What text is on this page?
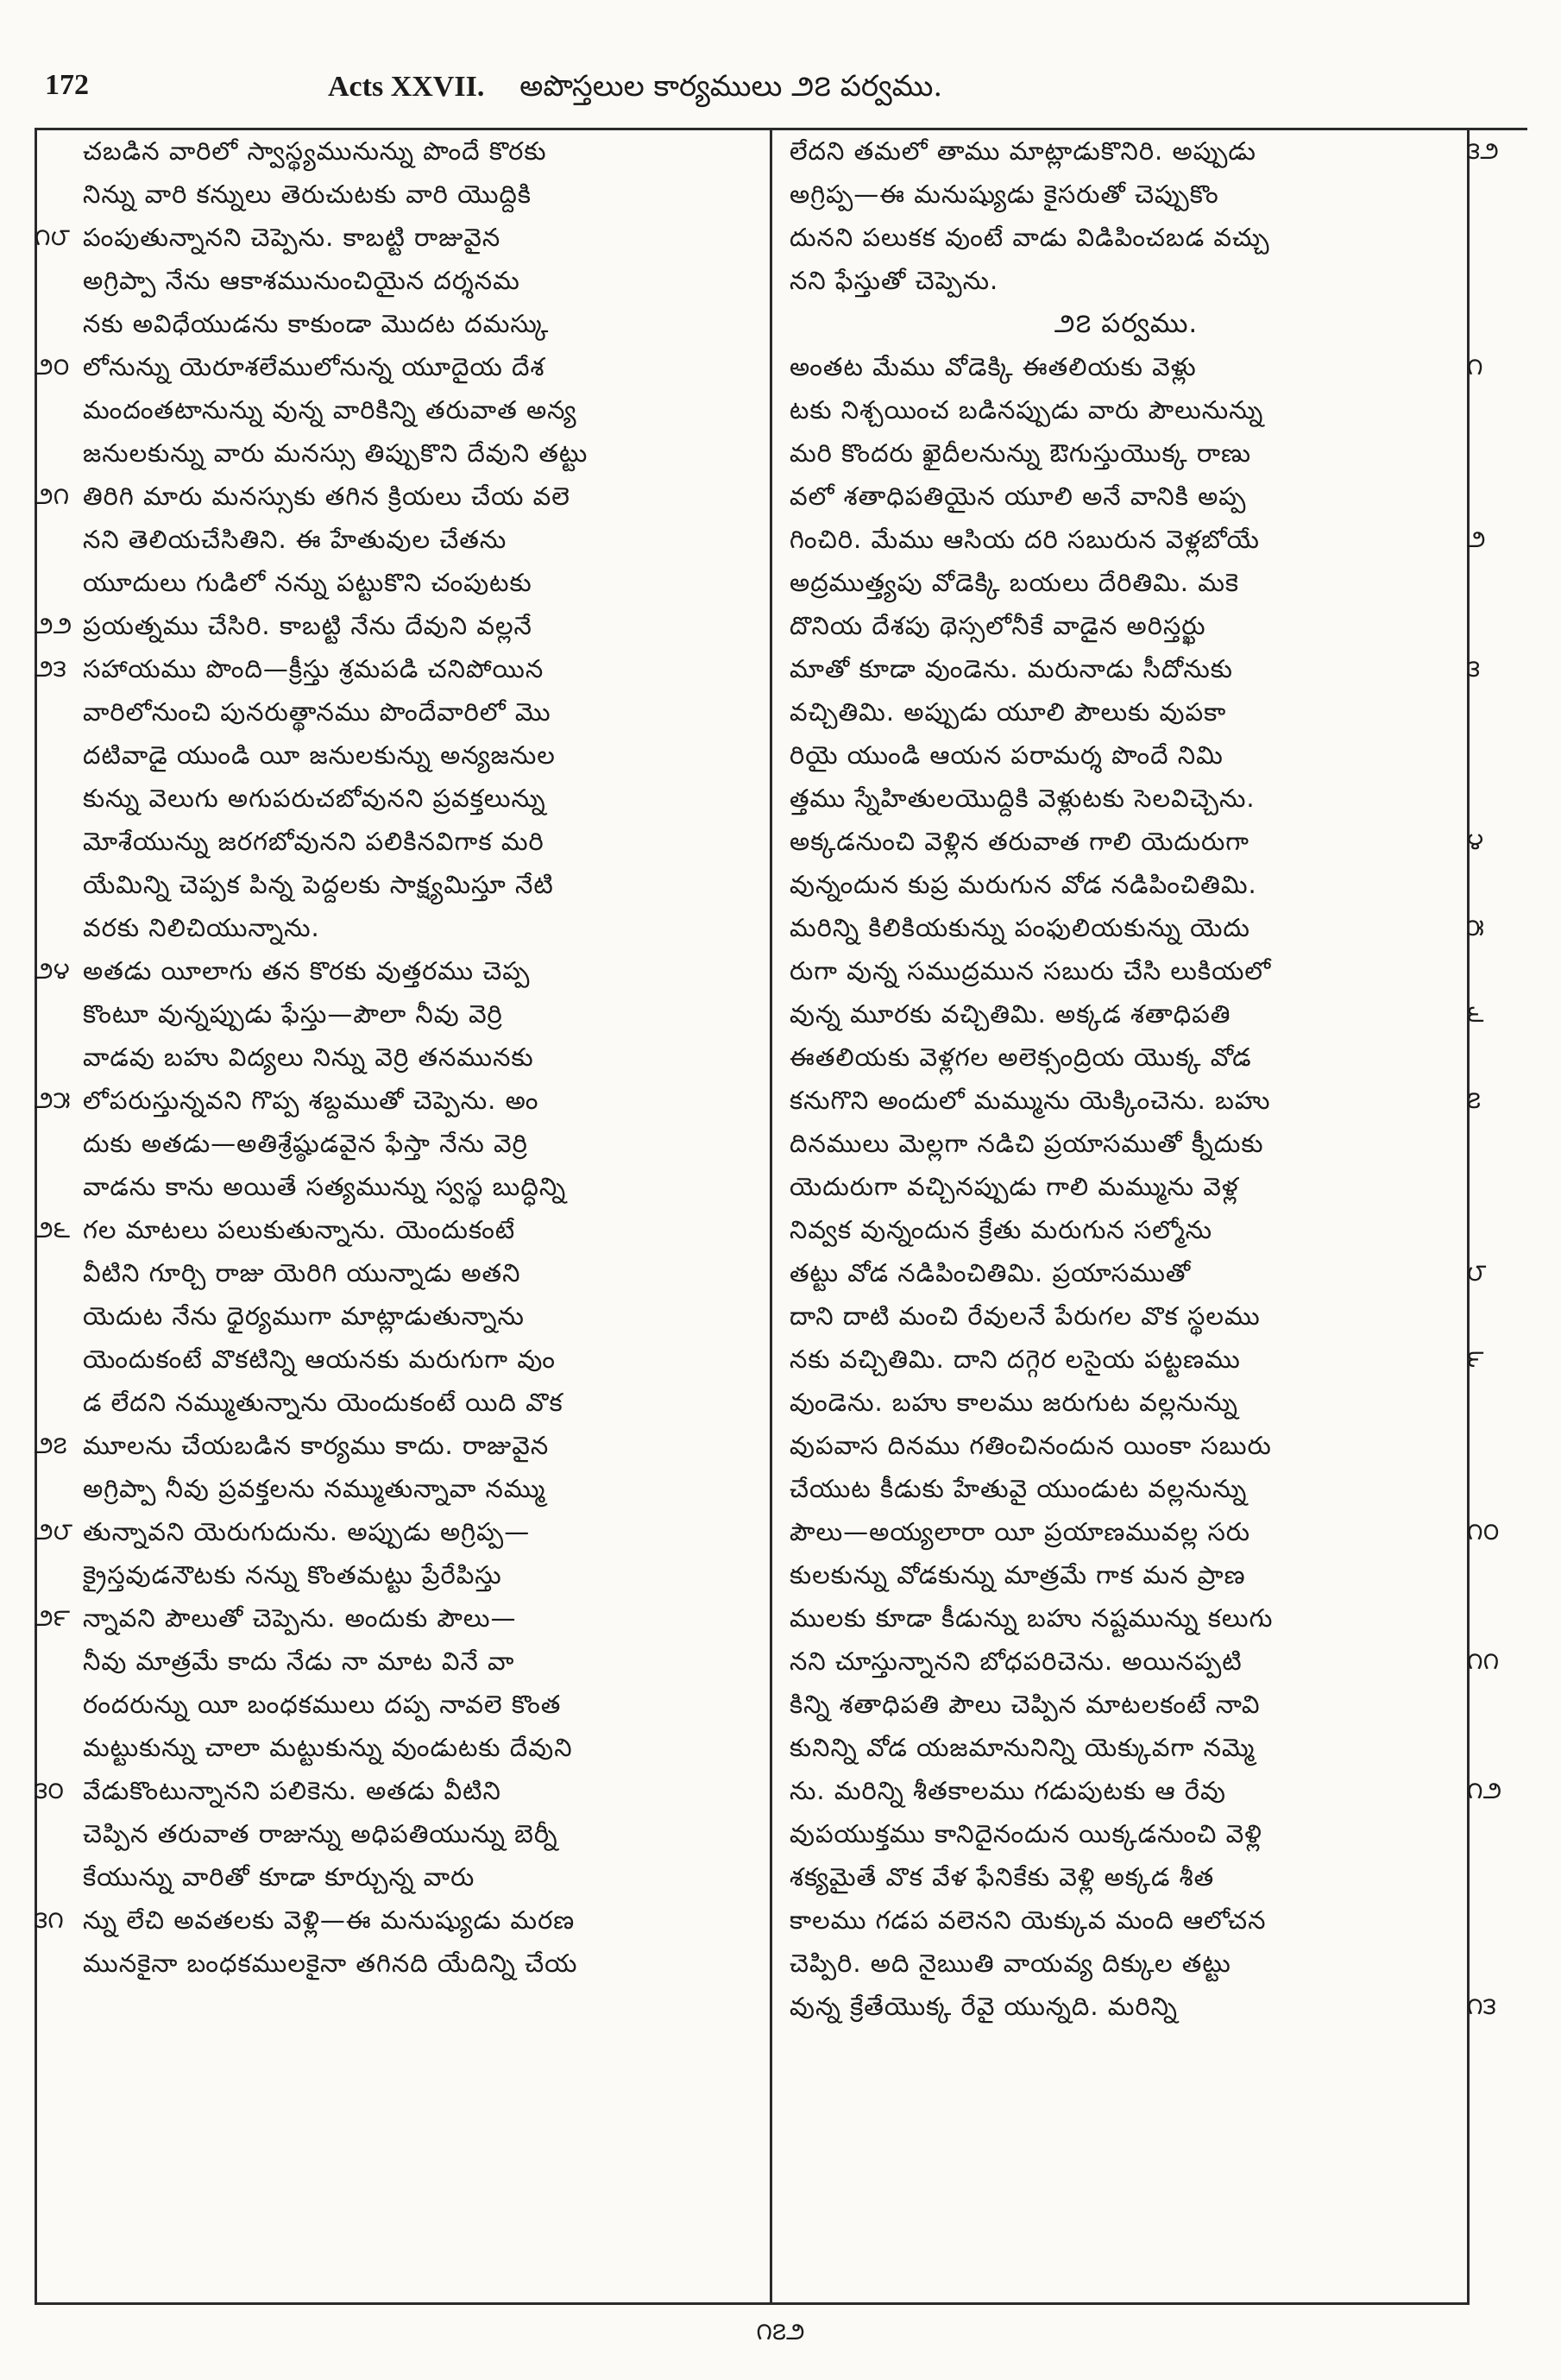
172	Acts XXVII. అపొస్తలుల కార్యములు ౨౭ పర్వము.
చబడిన వారిలో స్వాస్థ్యమునున్ను పొందే కొరకు
నిన్ను వారి కన్నులు తెరుచుటకు వారి యొద్దికి
పంపుతున్నానని చెప్పెను. కాబట్టి రాజువైన
అగ్రిప్పా నేను ఆకాశమునుంచియైన దర్శనమ
నకు అవిధేయుడను కాకుండా మొదట దమస్కు
లోనున్ను యెరూశలేములోనున్న యూదైయ దేశ
మందంతటానున్ను వున్న వారికిన్ని తరువాత అన్య
జనులకున్ను వారు మనస్సు తిప్పుకొని దేవుని తట్టు
తిరిగి మారు మనస్సుకు తగిన క్రియలు చేయ వలె
నని తెలియచేసితిని. ఈ హేతువుల చేతను
యూదులు గుడిలో నన్ను పట్టుకొని చంపుటకు
ప్రయత్నము చేసిరి. కాబట్టి నేను దేవుని వల్లనే
సహాయము పొంది—క్రీస్తు శ్రమపడి చనిపోయిన
వారిలోనుంచి పునరుత్థానము పొందేవారిలో మొ
దటివాడై యుండి యీ జనులకున్ను అన్యజనుల
కున్ను వెలుగు అగుపరుచబోవునని ప్రవక్తలున్ను
మోశేయున్ను జరగబోవునని పలికినవిగాక మరి
యేమిన్ని చెప్పక పిన్న పెద్దలకు సాక్ష్యమిస్తూ నేటి
వరకు నిలిచియున్నాను.
అతడు యీలాగు తన కొరకు వుత్తరము చెప్ప
కొంటూ వున్నప్పుడు ఫేస్తు—పౌలా నీవు వెర్రి
వాడవు బహు విద్యలు నిన్ను వెర్రి తనమునకు
లోపరుస్తున్నవని గొప్ప శబ్దముతో చెప్పెను. అం
దుకు అతడు—అతిశ్రేష్ఠుడవైన ఫేస్తా నేను వెర్రి
వాడను కాను అయితే సత్యమున్ను స్వస్థ బుద్ధిన్ని
గల మాటలు పలుకుతున్నాను. యెందుకంటే
వీటిని గూర్చి రాజు యెరిగి యున్నాడు అతని
యెదుట నేను ధైర్యముగా మాట్లాడుతున్నాను
యెందుకంటే వొకటిన్ని ఆయనకు మరుగుగా వుం
డ లేదని నమ్ముతున్నాను యెందుకంటే యిది వొక
మూలను చేయబడిన కార్యము కాదు. రాజువైన
అగ్రిప్పా నీవు ప్రవక్తలను నమ్ముతున్నావా నమ్ము
తున్నావని యెరుగుదును. అప్పుడు అగ్రిప్ప—
క్రైస్తవుడనౌటకు నన్ను కొంతమట్టు ప్రేరేపిస్తు
న్నావని పౌలుతో చెప్పెను. అందుకు పౌలు—
నీవు మాత్రమే కాదు నేడు నా మాట వినే వా
రందరున్ను యీ బంధకములు దప్ప నావలె కొంత
మట్టుకున్ను చాలా మట్టుకున్ను వుండుటకు దేవుని
వేడుకొంటున్నానని పలికెను. అతడు వీటిని
చెప్పిన తరువాత రాజున్ను అధిపతియున్ను బెర్నీ
కేయున్ను వారితో కూడా కూర్చున్న వారు
న్ను లేచి అవతలకు వెళ్లి—ఈ మనుష్యుడు మరణ
మునకైనా బంధకములకైనా తగినది యేదిన్ని చేయ
లేదని తమలో తాము మాట్లాడుకొనిరి. అప్పుడు
అగ్రిప్ప—ఈ మనుష్యుడు కైసరుతో చెప్పుకొం
దునని పలుకక వుంటే వాడు విడిపించబడ వచ్చు
నని ఫేస్తుతో చెప్పెను.
౨౭ పర్వము.
అంతట మేము వోడెక్కి ఈతలియకు వెళ్లు
టకు నిశ్చయించ బడినప్పుడు వారు పౌలునున్ను
మరి కొందరు ఖైదీలనున్ను ఔగుస్తుయొక్క రాణు
వలో శతాధిపతియైన యూలి అనే వానికి అప్ప
గించిరి. మేము ఆసియ దరి సబురున వెళ్లబోయే
అద్రముత్త్యపు వోడెక్కి బయలు దేరితిమి. మకె
దొనియ దేశపు థెస్సలోనీకే వాడైన అరిస్తర్ఖు
మాతో కూడా వుండెను. మరునాడు సీదోనుకు
వచ్చితిమి. అప్పుడు యూలి పౌలుకు వుపకా
రియై యుండి ఆయన పరామర్శ పొందే నిమి
త్తము స్నేహితులయొద్దికి వెళ్లుటకు సెలవిచ్చెను.
అక్కడనుంచి వెళ్లిన తరువాత గాలి యెదురుగా
వున్నందున కుప్ర మరుగున వోడ నడిపించితిమి.
మరిన్ని కిలికియకున్ను పంఫులియకున్ను యెదు
రుగా వున్న సముద్రమున సబురు చేసి లుకియలో
వున్న మూరకు వచ్చితిమి. అక్కడ శతాధిపతి
ఈతలియకు వెళ్లగల అలెక్సంద్రియ యొక్క వోడ
కనుగొని అందులో మమ్మును యెక్కించెను. బహు
దినములు మెల్లగా నడిచి ప్రయాసముతో క్నీదుకు
యెదురుగా వచ్చినప్పుడు గాలి మమ్మును వెళ్ల
నివ్వక వున్నందున క్రేతు మరుగున సల్మోను
తట్టు వోడ నడిపించితిమి. ప్రయాసముతో
దాని దాటి మంచి రేవులనే పేరుగల వొక స్థలము
నకు వచ్చితిమి. దాని దగ్గెర లసైయ పట్టణము
వుండెను. బహు కాలము జరుగుట వల్లనున్ను
వుపవాస దినము గతించినందున యింకా సబురు
చేయుట కీడుకు హేతువై యుండుట వల్లనున్ను
పౌలు—అయ్యలారా యీ ప్రయాణమువల్ల సరు
కులకున్ను వోడకున్ను మాత్రమే గాక మన ప్రాణ
ములకు కూడా కీడున్ను బహు నష్టమున్ను కలుగు
నని చూస్తున్నానని బోధపరిచెను. అయినప్పటి
కిన్ని శతాధిపతి పౌలు చెప్పిన మాటలకంటే నావి
కునిన్ని వోడ యజమానునిన్ని యెక్కువగా నమ్మె
ను. మరిన్ని శీతకాలము గడుపుటకు ఆ రేవు
వుపయుక్తము కానిదైనందున యిక్కడనుంచి వెళ్లి
శక్యమైతే వొక వేళ ఫేనికేకు వెళ్లి అక్కడ శీత
కాలము గడప వలెనని యెక్కువ మంది ఆలోచన
చెప్పిరి. అది నైఋతి వాయవ్య దిక్కుల తట్టు
వున్న క్రేతేయొక్క రేవై యున్నది. మరిన్ని
౧౮
౨౦
౨౧
౨౨
౨౩
౨౪
౨౫
౨౬
౨౭
౨౮
౨౯
౩౦
౩౧
౩౨
౧
౨
౩
౪
౫
౬
౭
౮
౯
౧౦
౧౧
౧౨
౧౩
౧౭౨
